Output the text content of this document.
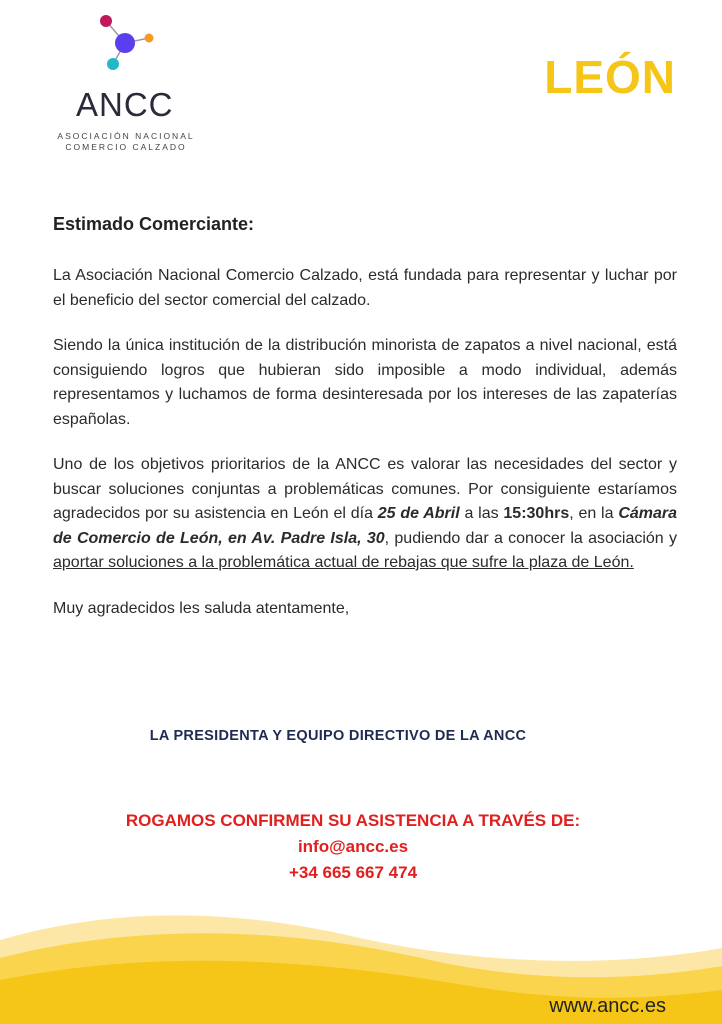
ANCC
ASOCIACIÓN NACIONAL
COMERCIO CALZADO
LEÓN
Estimado Comerciante:

La Asociación Nacional Comercio Calzado, está fundada para representar y luchar por el beneficio del sector comercial del calzado.

Siendo la única institución de la distribución minorista de zapatos a nivel nacional, está consiguiendo logros que hubieran sido imposible a modo individual, además representamos y luchamos de forma desinteresada por los intereses de las zapaterías españolas.

Uno de los objetivos prioritarios de la ANCC es valorar las necesidades del sector y buscar soluciones conjuntas a problemáticas comunes. Por consiguiente estaríamos agradecidos por su asistencia en León el día 25 de Abril a las 15:30hrs, en la Cámara de Comercio de León, en Av. Padre Isla, 30, pudiendo dar a conocer la asociación y aportar soluciones a la problemática actual de rebajas que sufre la plaza de León.

Muy agradecidos les saluda atentamente,

LA PRESIDENTA Y EQUIPO DIRECTIVO DE LA ANCC
ROGAMOS CONFIRMEN SU ASISTENCIA A TRAVÉS DE:
info@ancc.es
+34 665 667 474
www.ancc.es
